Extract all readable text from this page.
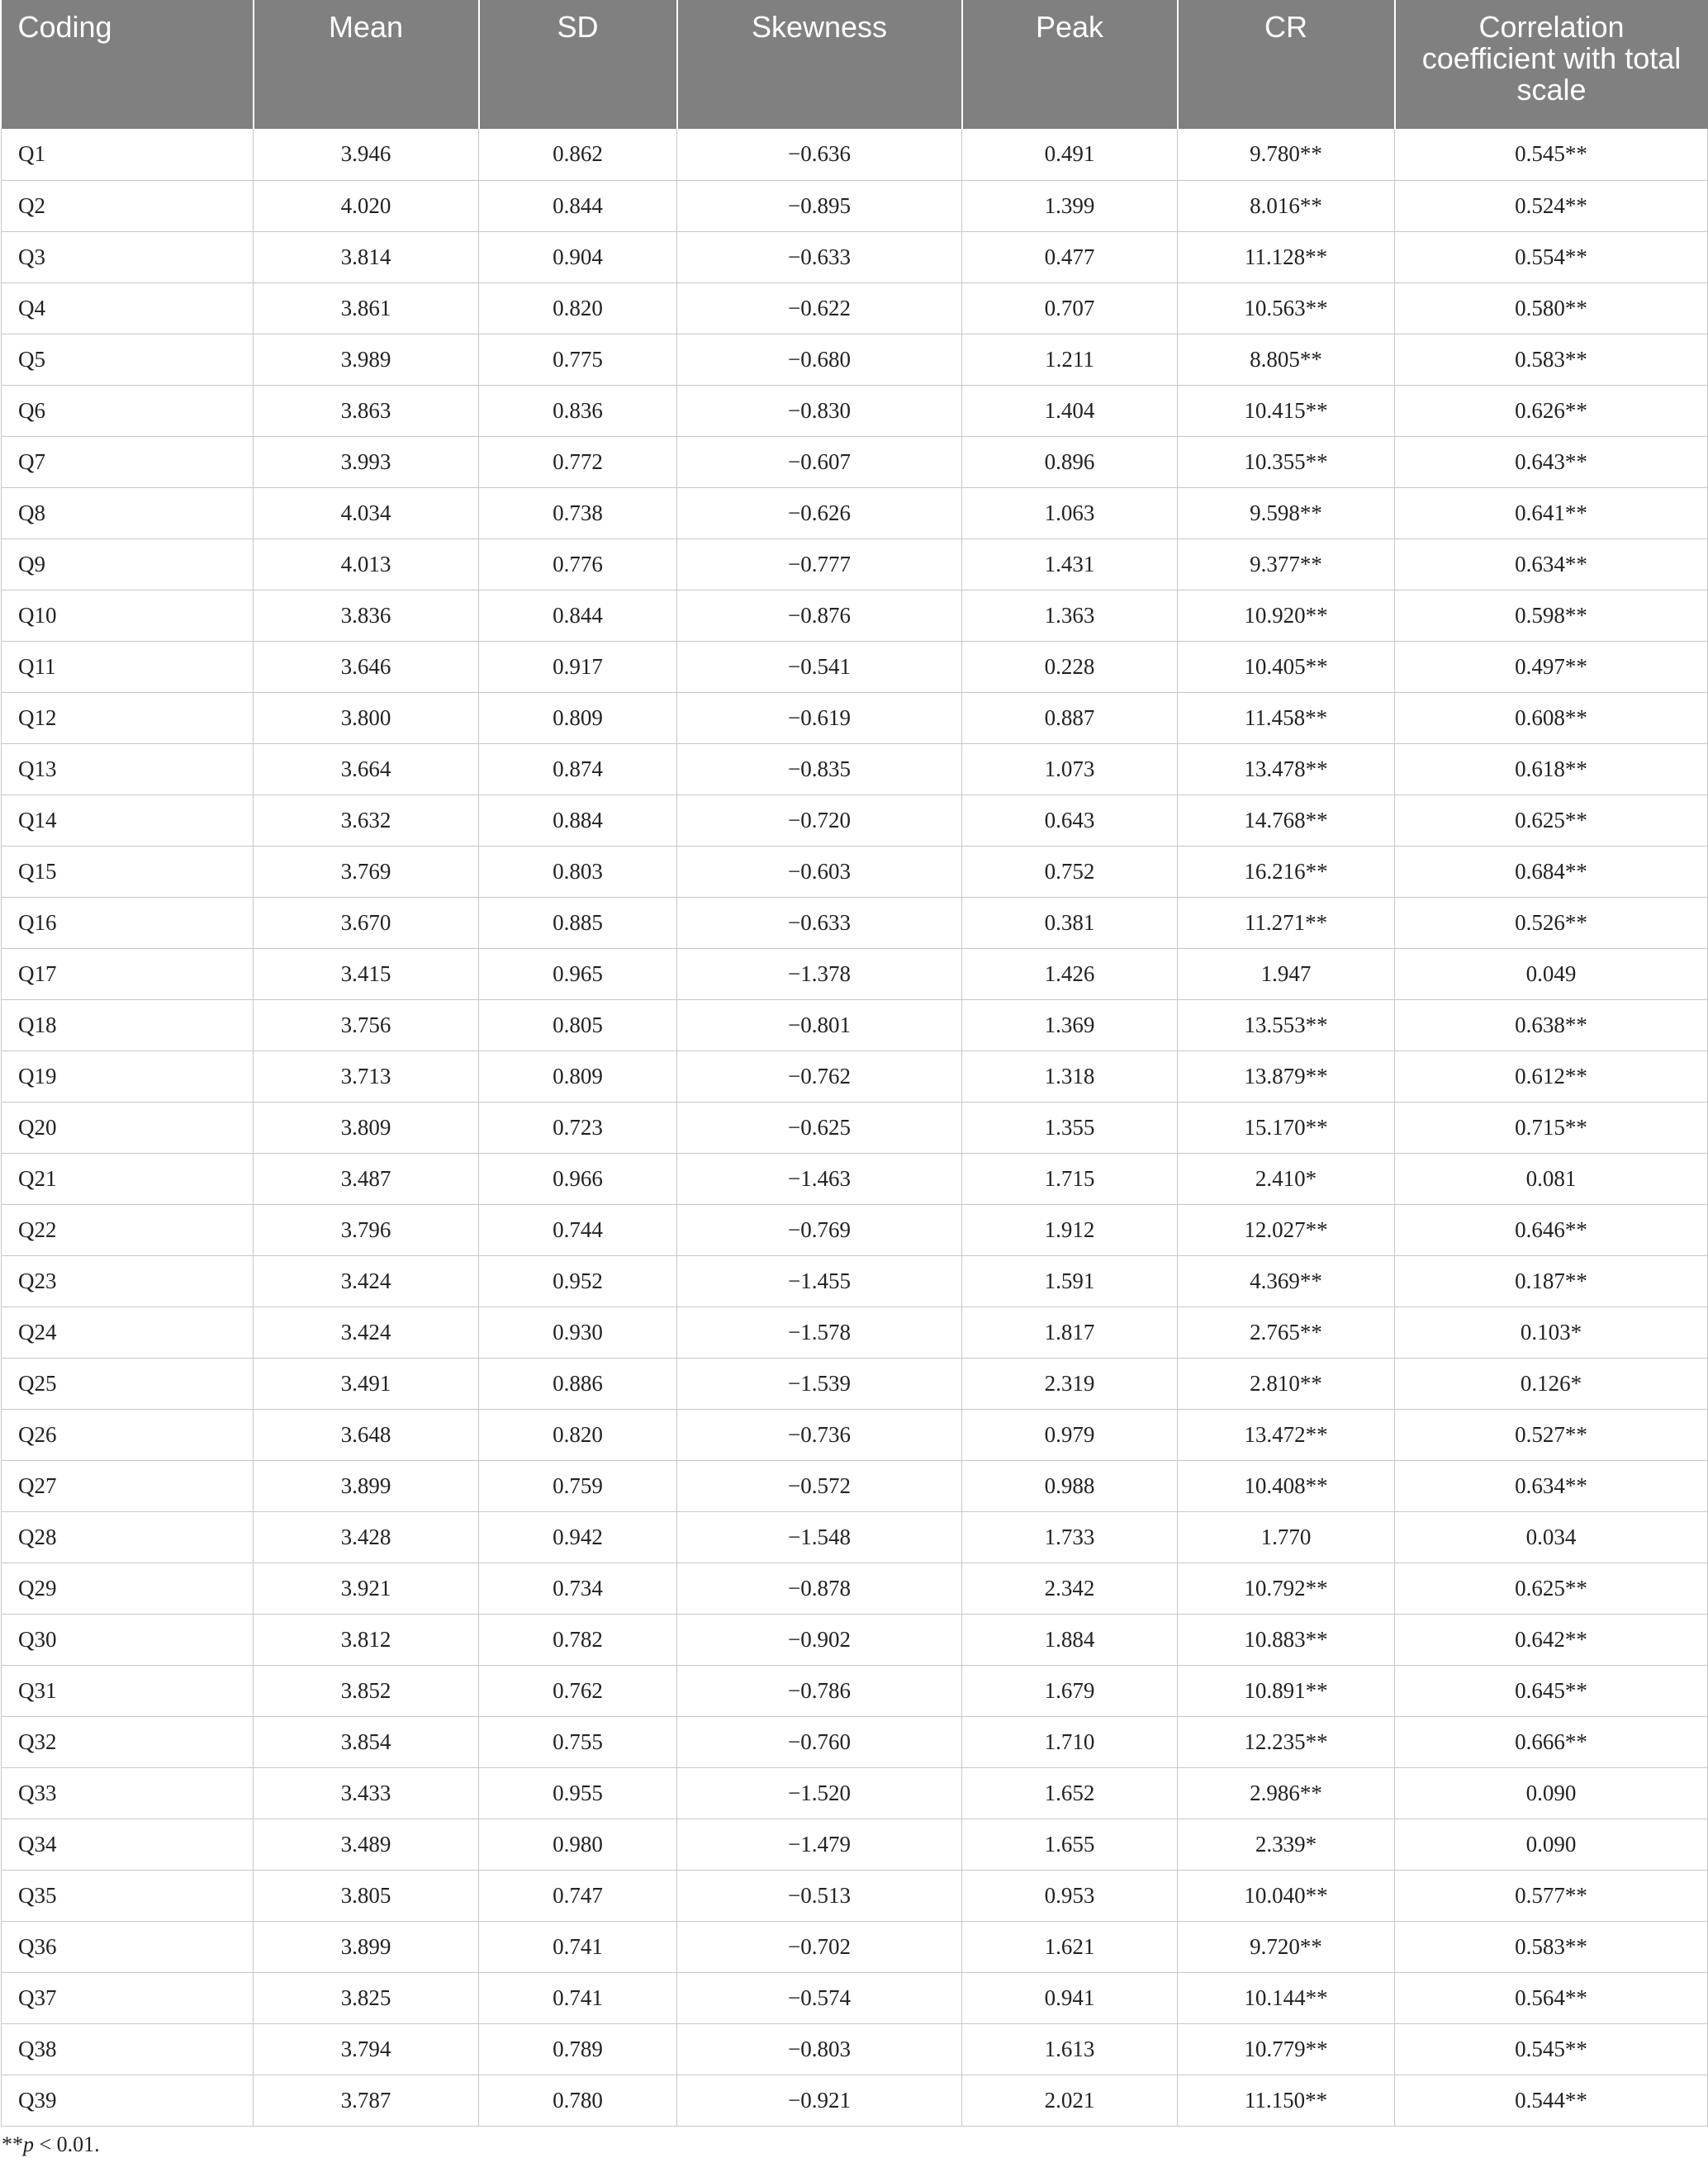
Coding	Mean	SD	Skewness	Peak	CR	Correlation coefficient with total scale
Q1	3.946	0.862	−0.636	0.491	9.780**	0.545**
Q2	4.020	0.844	−0.895	1.399	8.016**	0.524**
Q3	3.814	0.904	−0.633	0.477	11.128**	0.554**
Q4	3.861	0.820	−0.622	0.707	10.563**	0.580**
Q5	3.989	0.775	−0.680	1.211	8.805**	0.583**
Q6	3.863	0.836	−0.830	1.404	10.415**	0.626**
Q7	3.993	0.772	−0.607	0.896	10.355**	0.643**
Q8	4.034	0.738	−0.626	1.063	9.598**	0.641**
Q9	4.013	0.776	−0.777	1.431	9.377**	0.634**
Q10	3.836	0.844	−0.876	1.363	10.920**	0.598**
Q11	3.646	0.917	−0.541	0.228	10.405**	0.497**
Q12	3.800	0.809	−0.619	0.887	11.458**	0.608**
Q13	3.664	0.874	−0.835	1.073	13.478**	0.618**
Q14	3.632	0.884	−0.720	0.643	14.768**	0.625**
Q15	3.769	0.803	−0.603	0.752	16.216**	0.684**
Q16	3.670	0.885	−0.633	0.381	11.271**	0.526**
Q17	3.415	0.965	−1.378	1.426	1.947	0.049
Q18	3.756	0.805	−0.801	1.369	13.553**	0.638**
Q19	3.713	0.809	−0.762	1.318	13.879**	0.612**
Q20	3.809	0.723	−0.625	1.355	15.170**	0.715**
Q21	3.487	0.966	−1.463	1.715	2.410*	0.081
Q22	3.796	0.744	−0.769	1.912	12.027**	0.646**
Q23	3.424	0.952	−1.455	1.591	4.369**	0.187**
Q24	3.424	0.930	−1.578	1.817	2.765**	0.103*
Q25	3.491	0.886	−1.539	2.319	2.810**	0.126*
Q26	3.648	0.820	−0.736	0.979	13.472**	0.527**
Q27	3.899	0.759	−0.572	0.988	10.408**	0.634**
Q28	3.428	0.942	−1.548	1.733	1.770	0.034
Q29	3.921	0.734	−0.878	2.342	10.792**	0.625**
Q30	3.812	0.782	−0.902	1.884	10.883**	0.642**
Q31	3.852	0.762	−0.786	1.679	10.891**	0.645**
Q32	3.854	0.755	−0.760	1.710	12.235**	0.666**
Q33	3.433	0.955	−1.520	1.652	2.986**	0.090
Q34	3.489	0.980	−1.479	1.655	2.339*	0.090
Q35	3.805	0.747	−0.513	0.953	10.040**	0.577**
Q36	3.899	0.741	−0.702	1.621	9.720**	0.583**
Q37	3.825	0.741	−0.574	0.941	10.144**	0.564**
Q38	3.794	0.789	−0.803	1.613	10.779**	0.545**
Q39	3.787	0.780	−0.921	2.021	11.150**	0.544**
**p < 0.01.
